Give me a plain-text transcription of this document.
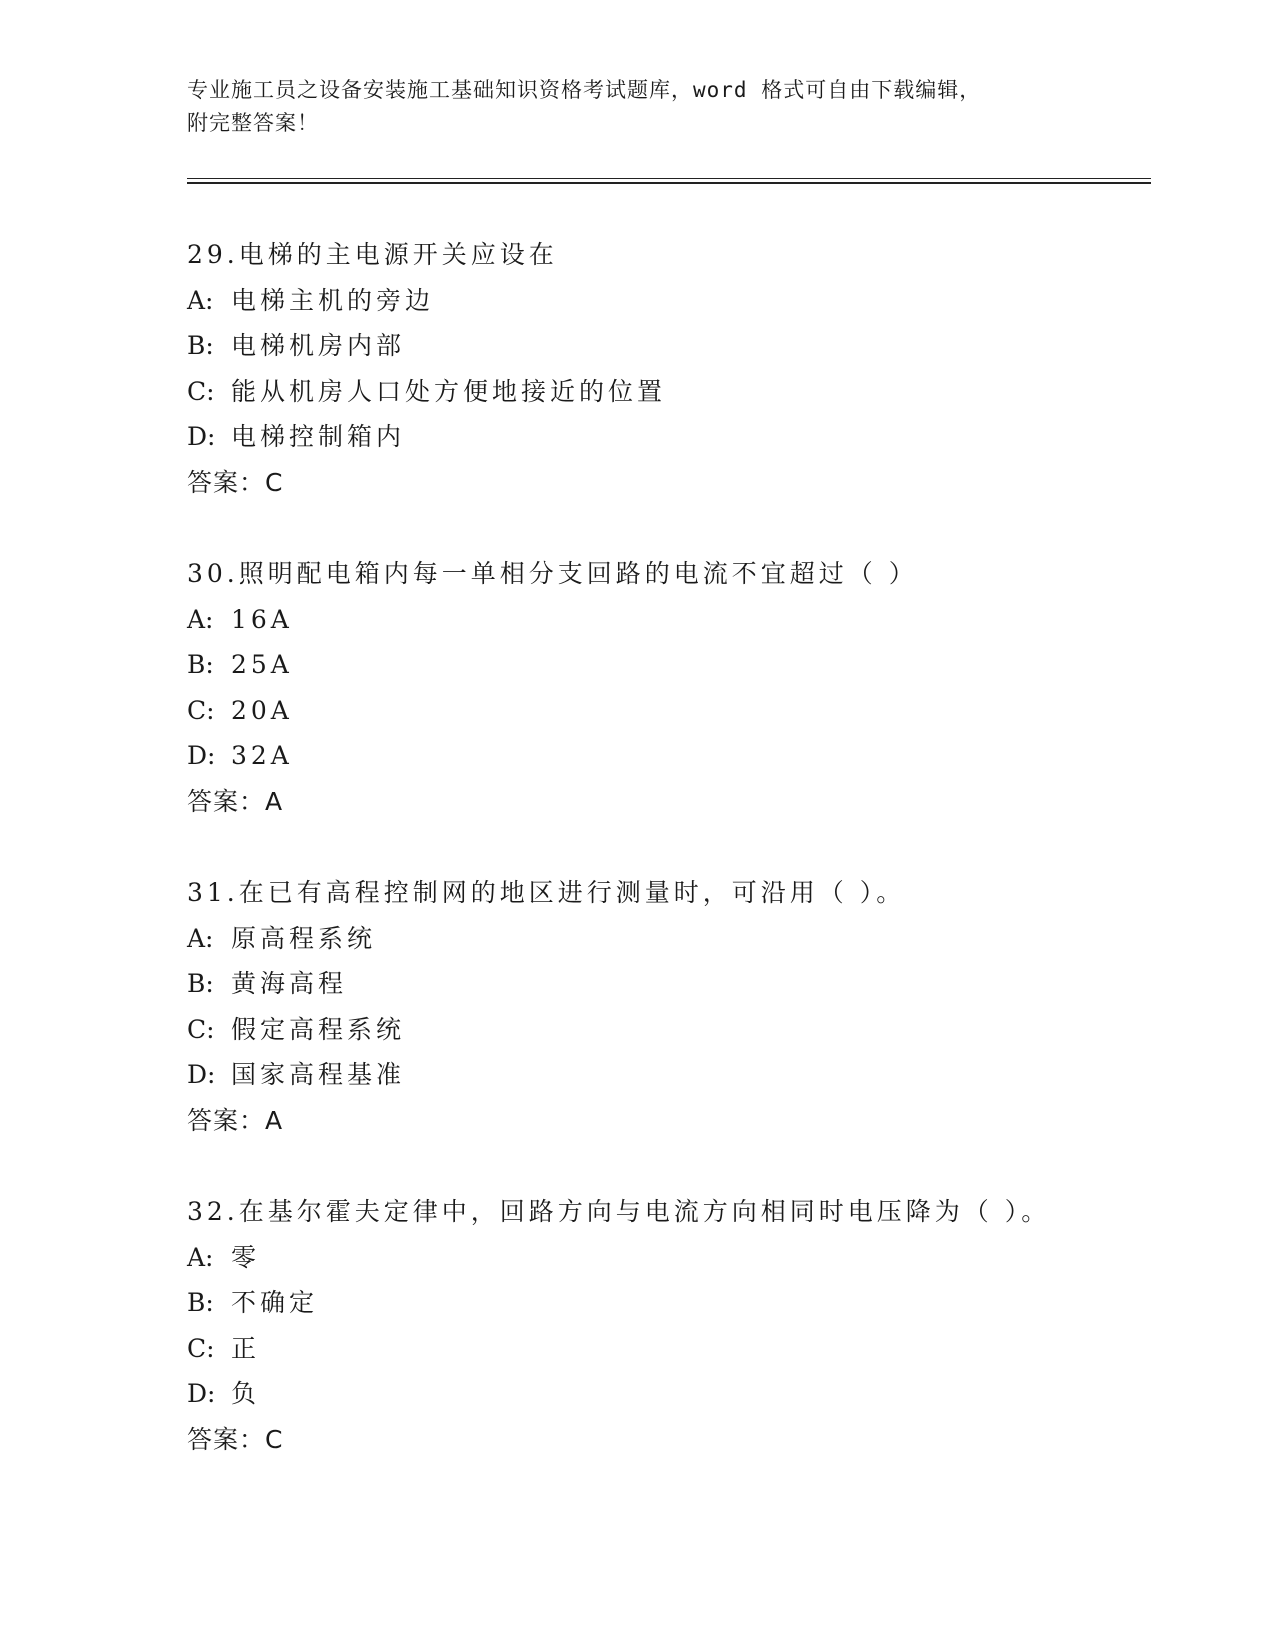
专业施工员之设备安装施工基础知识资格考试题库，word 格式可自由下载编辑，
附完整答案！
29.电梯的主电源开关应设在
A: 电梯主机的旁边
B: 电梯机房内部
C: 能从机房人口处方便地接近的位置
D: 电梯控制箱内
答案：C
30.照明配电箱内每一单相分支回路的电流不宜超过（ ）
A: 16A
B: 25A
C: 20A
D: 32A
答案：A
31.在已有高程控制网的地区进行测量时，可沿用（ ）。
A: 原高程系统
B: 黄海高程
C: 假定高程系统
D: 国家高程基准
答案：A
32.在基尔霍夫定律中，回路方向与电流方向相同时电压降为（ ）。
A: 零
B: 不确定
C: 正
D: 负
答案：C
